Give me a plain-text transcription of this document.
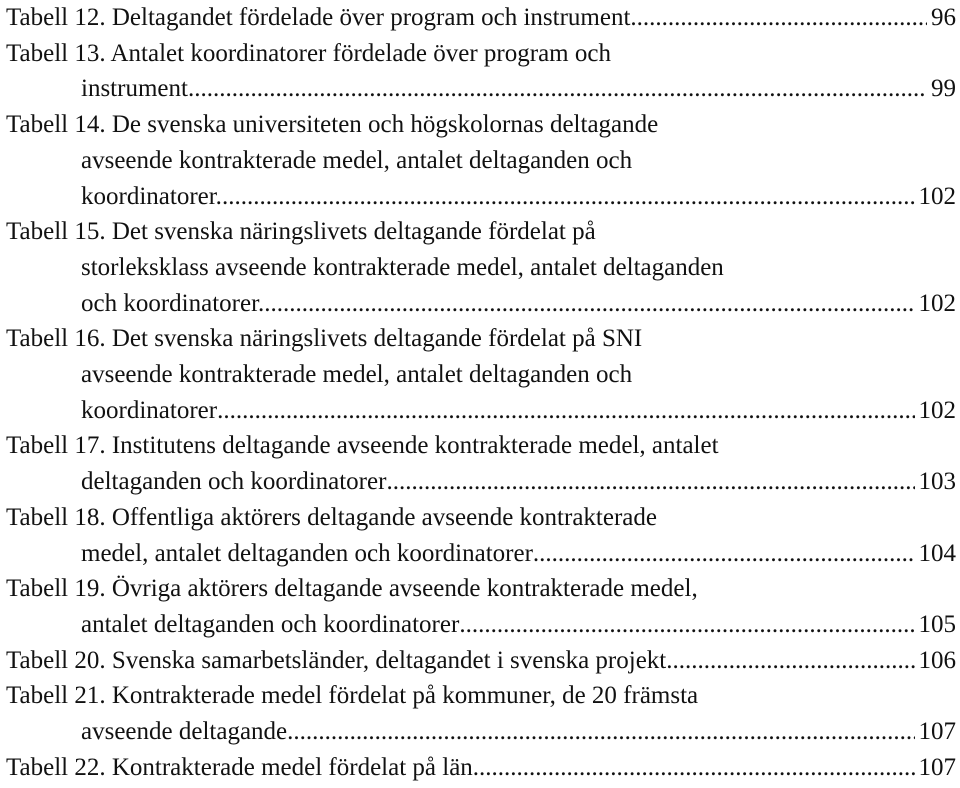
Tabell 12. Deltagandet fördelade över program och instrument .....	96
Tabell 13. Antalet koordinatorer fördelade över program och
instrument .....	99
Tabell 14. De svenska universiteten och högskolornas deltagande
avseende kontrakterade medel, antalet deltaganden och
koordinatorer. .....	102
Tabell 15. Det svenska näringslivets deltagande fördelat på
storleksklass avseende kontrakterade medel, antalet deltaganden
och koordinatorer. .....	102
Tabell 16. Det svenska näringslivets deltagande fördelat på SNI
avseende kontrakterade medel, antalet deltaganden och
koordinatorer .....	102
Tabell 17. Institutens deltagande avseende kontrakterade medel, antalet
deltaganden och koordinatorer .....	103
Tabell 18. Offentliga aktörers deltagande avseende kontrakterade
medel, antalet deltaganden och koordinatorer .....	104
Tabell 19. Övriga aktörers deltagande avseende kontrakterade medel,
antalet deltaganden och koordinatorer .....	105
Tabell 20. Svenska samarbetsländer, deltagandet i svenska projekt .....	106
Tabell 21. Kontrakterade medel fördelat på kommuner, de 20 främsta
avseende deltagande .....	107
Tabell 22. Kontrakterade medel fördelat på län .....	107
